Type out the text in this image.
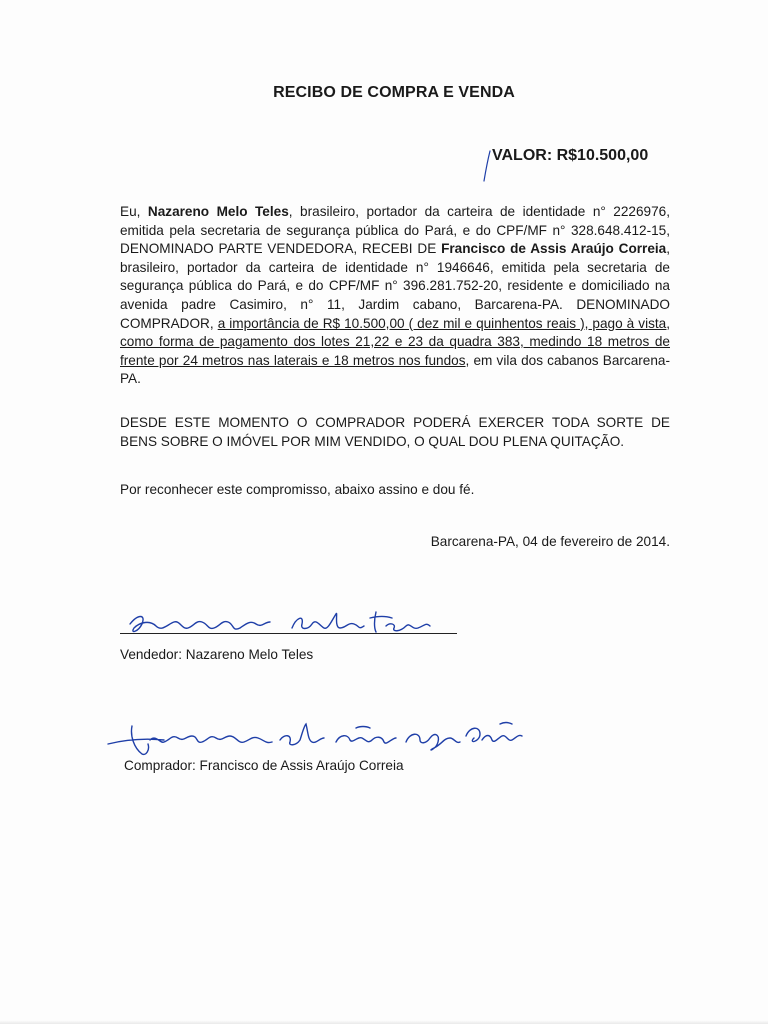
RECIBO DE COMPRA E VENDA
VALOR: R$10.500,00
Eu, Nazareno Melo Teles, brasileiro, portador da carteira de identidade n° 2226976, emitida pela secretaria de segurança pública do Pará, e do CPF/MF n° 328.648.412-15, DENOMINADO PARTE VENDEDORA, RECEBI DE Francisco de Assis Araújo Correia, brasileiro, portador da carteira de identidade n° 1946646, emitida pela secretaria de segurança pública do Pará, e do CPF/MF n° 396.281.752-20, residente e domiciliado na avenida padre Casimiro, n° 11, Jardim cabano, Barcarena-PA. DENOMINADO COMPRADOR, a importância de R$ 10.500,00 ( dez mil e quinhentos reais ), pago à vista, como forma de pagamento dos lotes 21,22 e 23 da quadra 383, medindo 18 metros de frente por 24 metros nas laterais e 18 metros nos fundos, em vila dos cabanos Barcarena-PA.
DESDE ESTE MOMENTO O COMPRADOR PODERÁ EXERCER TODA SORTE DE BENS SOBRE O IMÓVEL POR MIM VENDIDO, O QUAL DOU PLENA QUITAÇÃO.
Por reconhecer este compromisso, abaixo assino e dou fé.
Barcarena-PA, 04 de fevereiro de 2014.
Vendedor: Nazareno Melo Teles
Comprador: Francisco de Assis Araújo Correia
